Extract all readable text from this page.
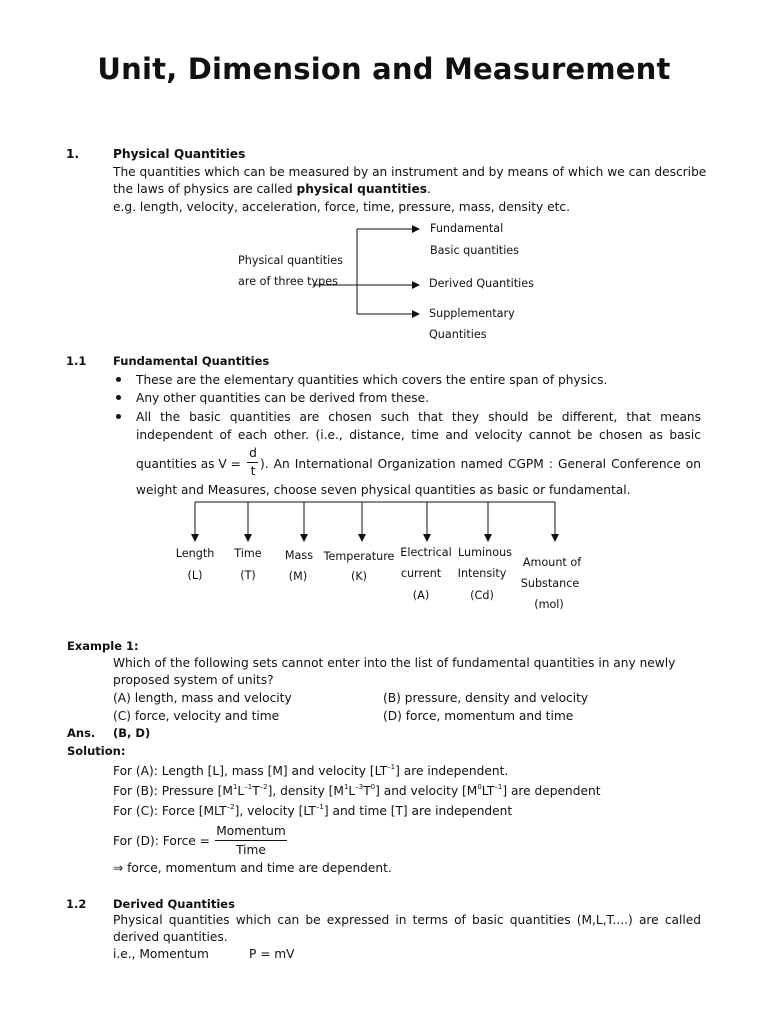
Unit, Dimension and Measurement
1.	Physical Quantities
The quantities which can be measured by an instrument and by means of which we can describe
the laws of physics are called physical quantities.
e.g. length, velocity, acceleration, force, time, pressure, mass, density etc.
Physical quantities
are of three types
Fundamental
Basic quantities
Derived Quantities
Supplementary
Quantities
1.1 Fundamental Quantities
These are the elementary quantities which covers the entire span of physics.
Any other quantities can be derived from these.
All the basic quantities are chosen such that they should be different, that means
independent of each other. (i.e., distance, time and velocity cannot be chosen as basic
quantities as V =
d
t ). An International Organization named CGPM : General Conference on
weight and Measures, choose seven physical quantities as basic or fundamental.
Length
(L)
Time
(T)
Mass
(M)
Temperature
(K)
Electrical
current
(A)
Luminous
Intensity
(Cd)
Amount of
Substance
(mol)
Example 1:
Which of the following sets cannot enter into the list of fundamental quantities in any newly
proposed system of units?
(A) length, mass and velocity	(B) pressure, density and velocity
(C) force, velocity and time	(D) force, momentum and time
Ans. (B, D)
Solution:
For (A): Length [L], mass [M] and velocity $[LT^{-1}]$ are independent.
For (B): Pressure $[M^1L^{-1}T^{-2}]$, density $[M^1L^{-3}T^0]$ and velocity $[M^0LT^{-1}]$ are dependent
For (C): Force $[MLT^{-2}]$, velocity $[LT^{-1}]$ and time [T] are independent
For (D): Force =
Momentum
Time
⇒ force, momentum and time are dependent.
1.2 Derived Quantities
Physical quantities which can be expressed in terms of basic quantities (M,L,T....) are called
derived quantities.
i.e., Momentum	P = mV
